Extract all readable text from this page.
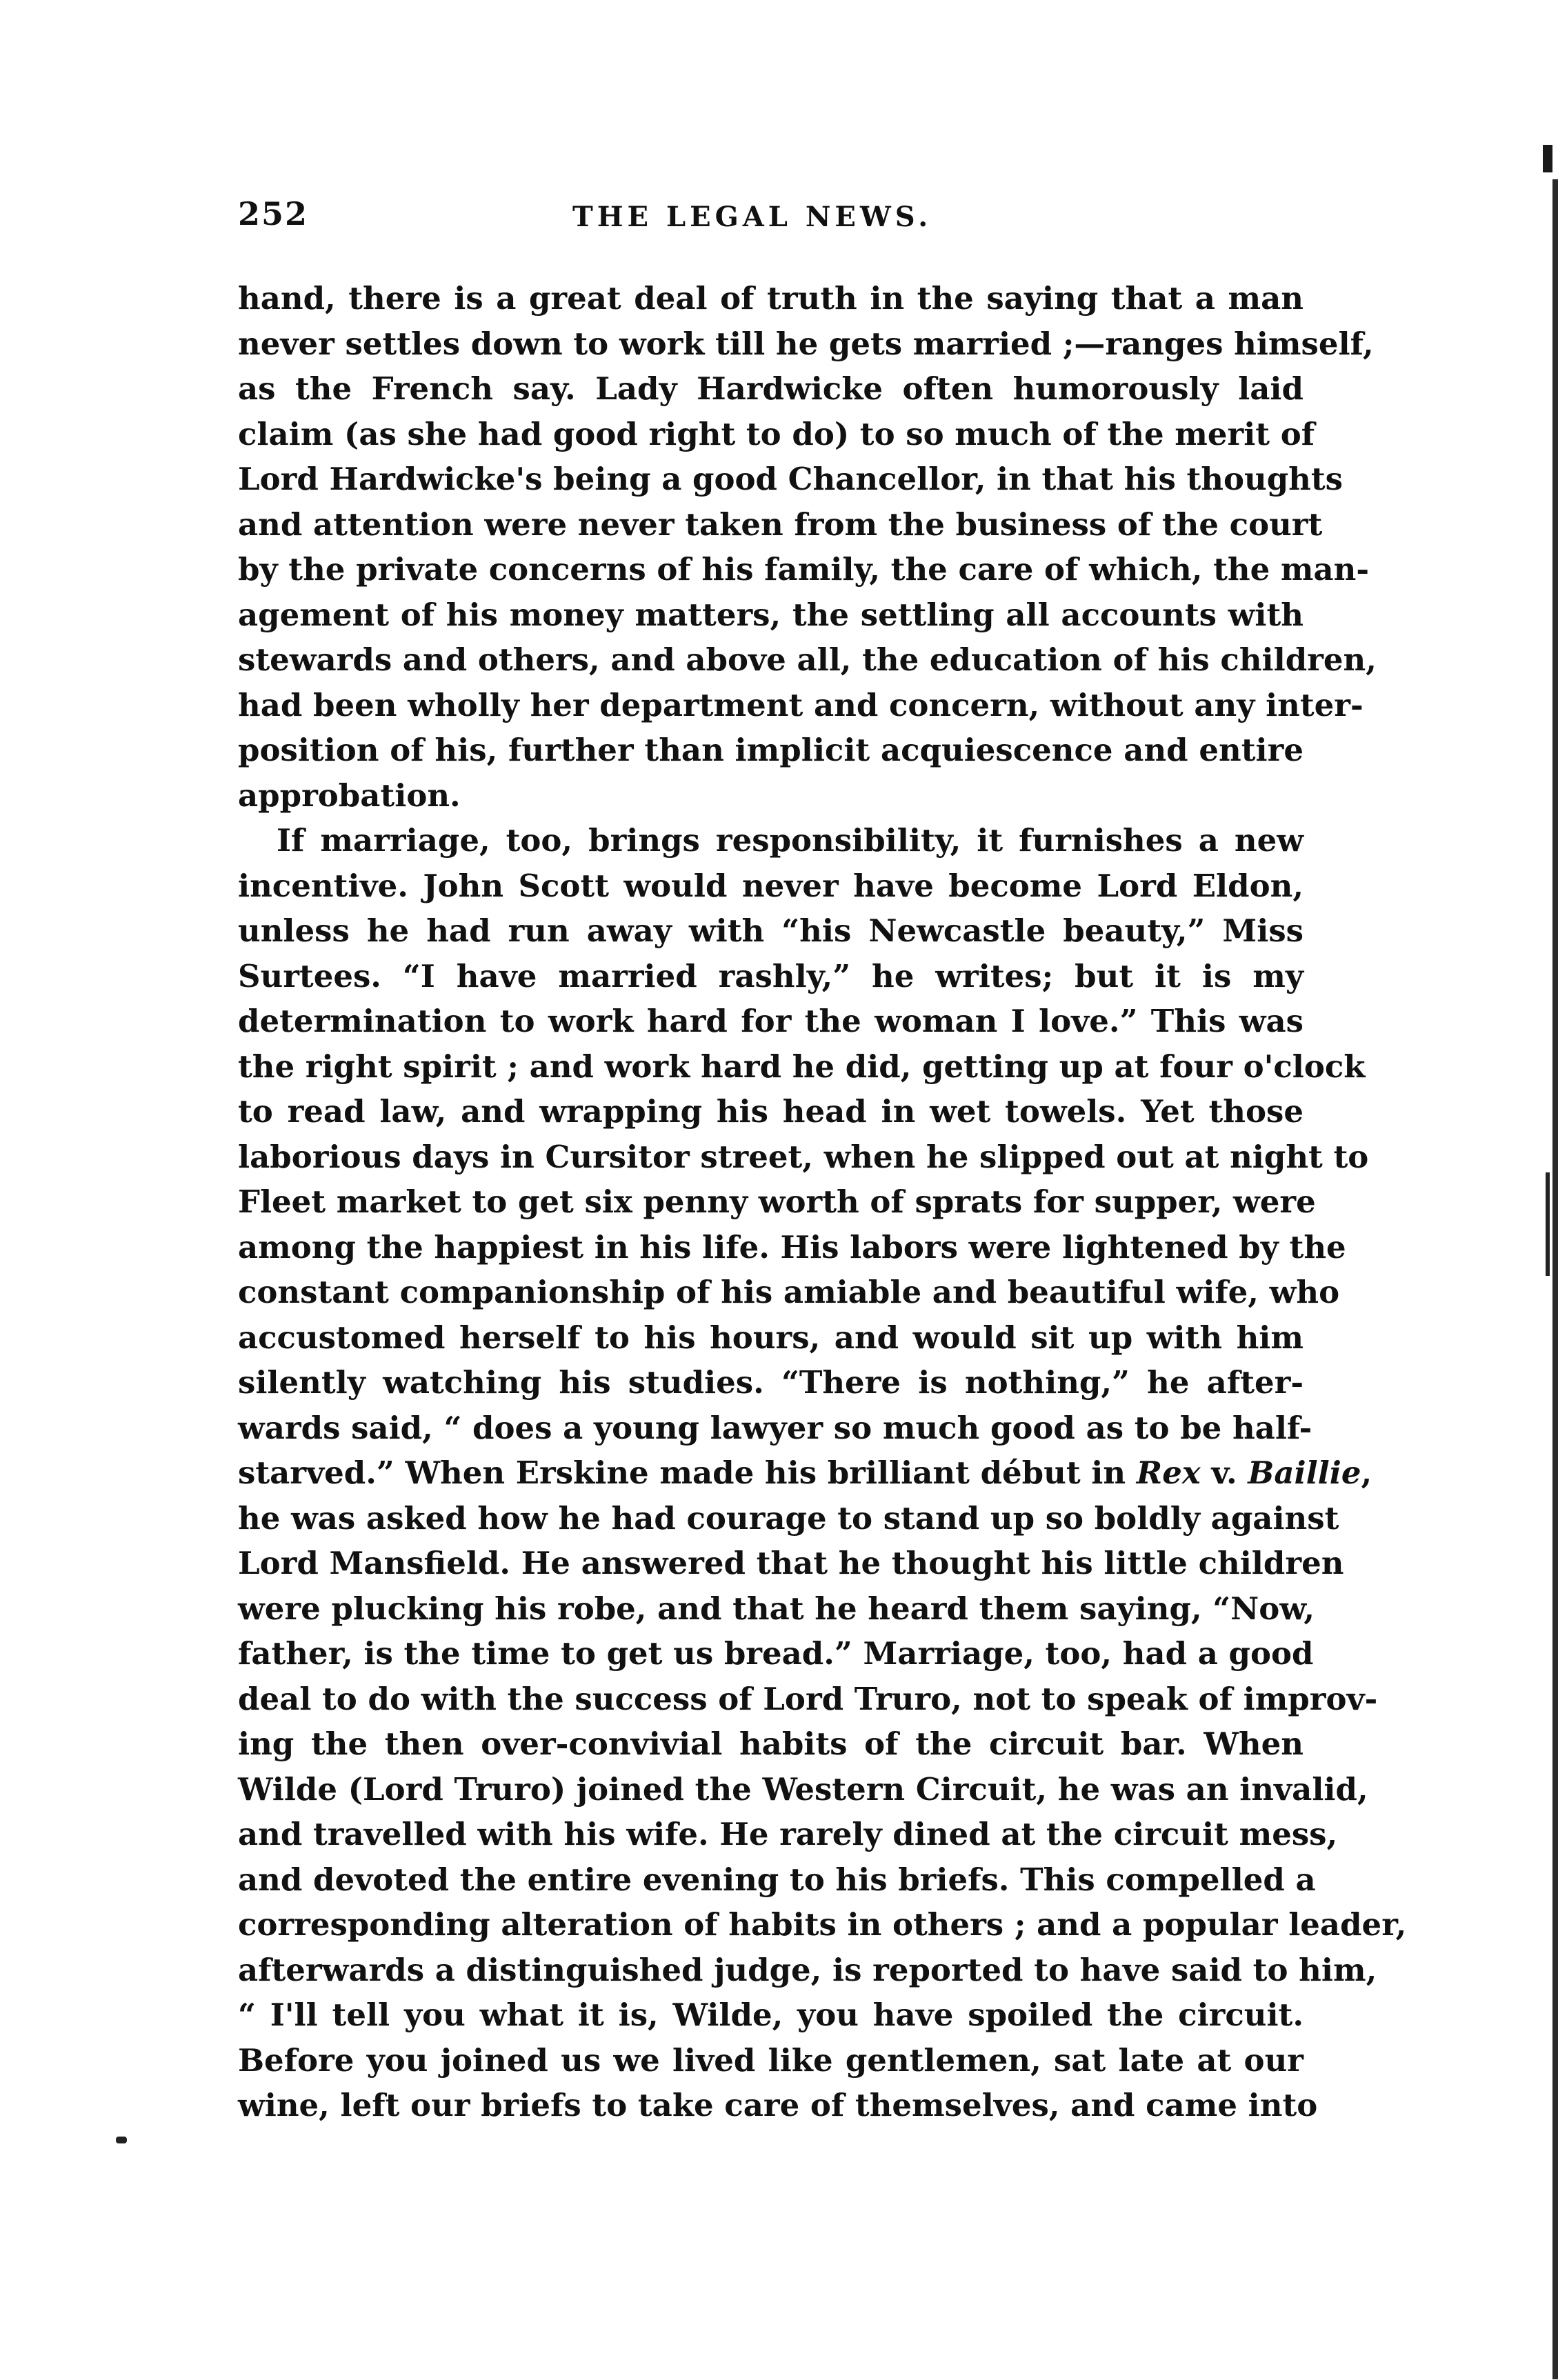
252	THE LEGAL NEWS.
hand, there is a great deal of truth in the saying that a man
never settles down to work till he gets married ;—ranges himself,
as the French say. Lady Hardwicke often humorously laid
claim (as she had good right to do) to so much of the merit of
Lord Hardwicke's being a good Chancellor, in that his thoughts
and attention were never taken from the business of the court
by the private concerns of his family, the care of which, the man-
agement of his money matters, the settling all accounts with
stewards and others, and above all, the education of his children,
had been wholly her department and concern, without any inter-
position of his, further than implicit acquiescence and entire
approbation.
If marriage, too, brings responsibility, it furnishes a new
incentive. John Scott would never have become Lord Eldon,
unless he had run away with “his Newcastle beauty,” Miss
Surtees. “I have married rashly,” he writes; but it is my
determination to work hard for the woman I love.” This was
the right spirit ; and work hard he did, getting up at four o'clock
to read law, and wrapping his head in wet towels. Yet those
laborious days in Cursitor street, when he slipped out at night to
Fleet market to get six penny worth of sprats for supper, were
among the happiest in his life. His labors were lightened by the
constant companionship of his amiable and beautiful wife, who
accustomed herself to his hours, and would sit up with him
silently watching his studies. “There is nothing,” he after-
wards said, “ does a young lawyer so much good as to be half-
starved.” When Erskine made his brilliant début in Rex v. Baillie,
he was asked how he had courage to stand up so boldly against
Lord Mansfield. He answered that he thought his little children
were plucking his robe, and that he heard them saying, “Now,
father, is the time to get us bread.” Marriage, too, had a good
deal to do with the success of Lord Truro, not to speak of improv-
ing the then over-convivial habits of the circuit bar. When
Wilde (Lord Truro) joined the Western Circuit, he was an invalid,
and travelled with his wife. He rarely dined at the circuit mess,
and devoted the entire evening to his briefs. This compelled a
corresponding alteration of habits in others ; and a popular leader,
afterwards a distinguished judge, is reported to have said to him,
“ I'll tell you what it is, Wilde, you have spoiled the circuit.
Before you joined us we lived like gentlemen, sat late at our
wine, left our briefs to take care of themselves, and came into
